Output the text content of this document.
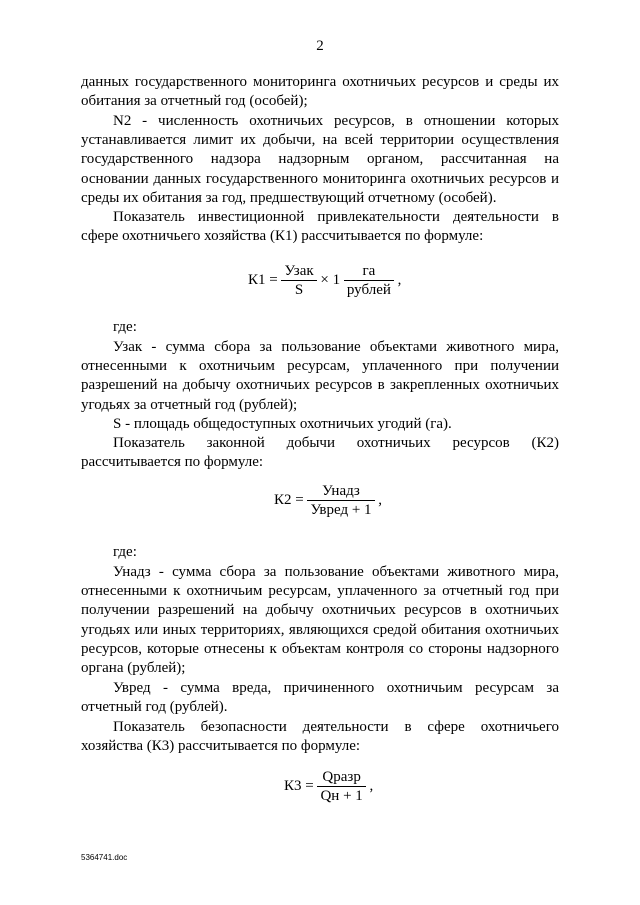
2
данных государственного мониторинга охотничьих ресурсов и среды их обитания за отчетный год (особей);
N2 - численность охотничьих ресурсов, в отношении которых устанавливается лимит их добычи, на всей территории осуществления государственного надзора надзорным органом, рассчитанная на основании данных государственного мониторинга охотничьих ресурсов и среды их обитания за год, предшествующий отчетному (особей).
Показатель инвестиционной привлекательности деятельности в сфере охотничьего хозяйства (К1) рассчитывается по формуле:
$К1 = \frac{\text{Узак}}{S} \times 1 \frac{га}{\text{рублей}}$ ,
где:
Узак - сумма сбора за пользование объектами животного мира, отнесенными к охотничьим ресурсам, уплаченного при получении разрешений на добычу охотничьих ресурсов в закрепленных охотничьих угодьях за отчетный год (рублей);
S - площадь общедоступных охотничьих угодий (га).
Показатель законной добычи охотничьих ресурсов (К2) рассчитывается по формуле:
$К2 = \frac{\text{Унадз}}{\text{Увред + 1}}$ ,
где:
Унадз - сумма сбора за пользование объектами животного мира, отнесенными к охотничьим ресурсам, уплаченного за отчетный год при получении разрешений на добычу охотничьих ресурсов в охотничьих угодьях или иных территориях, являющихся средой обитания охотничьих ресурсов, которые отнесены к объектам контроля со стороны надзорного органа (рублей);
Увред - сумма вреда, причиненного охотничьим ресурсам за отчетный год (рублей).
Показатель безопасности деятельности в сфере охотничьего хозяйства (К3) рассчитывается по формуле:
$К3 = \frac{\text{Qразр}}{Qн + 1}$ ,
5364741.doc
